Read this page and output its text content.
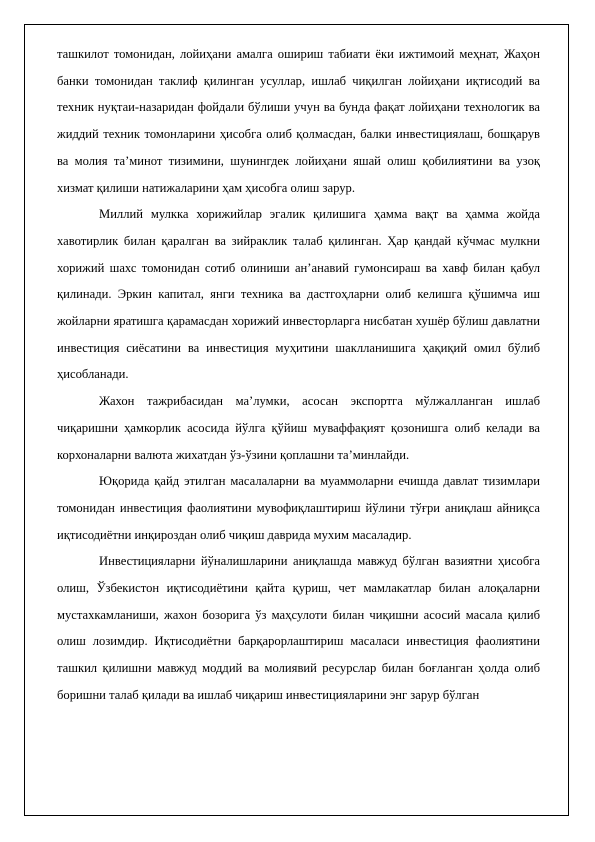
ташкилот томонидан, лойиҳани амалга ошириш табиати ёки ижтимоий меҳнат, Жаҳон банки томонидан таклиф қилинган усуллар, ишлаб чиқилган лойиҳани иқтисодий ва техник нуқтаи-назаридан фойдали бўлиши учун ва бунда фақат лойиҳани технологик ва жиддий техник томонларини ҳисобга олиб қолмасдан, балки инвестициялаш, бошқарув ва молия таʼминот тизимини, шунингдек лойиҳани яшай олиш қобилиятини ва узоқ хизмат қилиши натижаларини ҳам ҳисобга олиш зарур.

Миллий мулкка хорижийлар эгалик қилишига ҳамма вақт ва ҳамма жойда хавотирлик билан қаралган ва зийраклик талаб қилинган. Ҳар қандай кўчмас мулкни хорижий шахс томонидан сотиб олиниши анʼанавий гумонсираш ва хавф билан қабул қилинади. Эркин капитал, янги техника ва дастгоҳларни олиб келишга қўшимча иш жойларни яратишга қарамасдан хорижий инвесторларга нисбатан хушёр бўлиш давлатни инвестиция сиёсатини ва инвестиция муҳитини шаклланишига ҳақиқий омил бўлиб ҳисобланади.

Жахон тажрибасидан маʼлумки, асосан экспортга мўлжалланган ишлаб чиқаришни ҳамкорлик асосида йўлга қўйиш муваффақият қозонишга олиб келади ва корхоналарни валюта жихатдан ўз-ўзини қоплашни таʼминлайди.

Юқорида қайд этилган масалаларни ва муаммоларни ечишда давлат тизимлари томонидан инвестиция фаолиятини мувофиқлаштириш йўлини тўғри аниқлаш айниқса иқтисодиётни инқироздан олиб чиқиш даврида мухим масаладир.

Инвестицияларни йўналишларини аниқлашда мавжуд бўлган вазиятни ҳисобга олиш, Ўзбекистон иқтисодиётини қайта қуриш, чет мамлакатлар билан алоқаларни мустахкамланиши, жахон бозорига ўз маҳсулоти билан чиқишни асосий масала қилиб олиш лозимдир. Иқтисодиётни барқарорлаштириш масаласи инвестиция фаолиятини ташкил қилишни мавжуд моддий ва молиявий ресурслар билан боғланган ҳолда олиб боришни талаб қилади ва ишлаб чиқариш инвестицияларини энг зарур бўлган
